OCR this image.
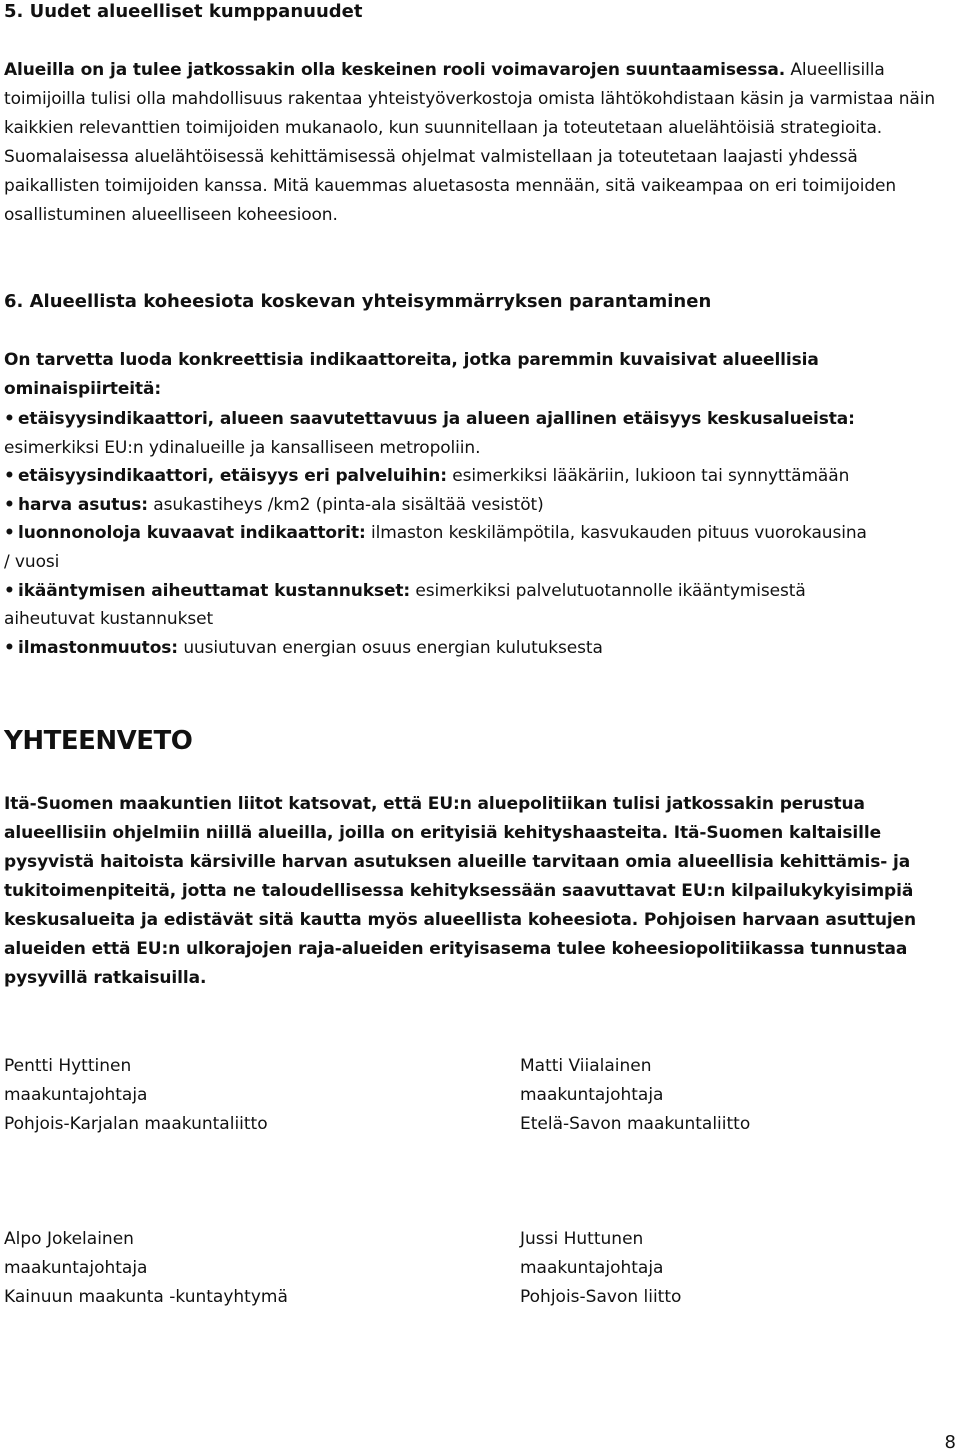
5. Uudet alueelliset kumppanuudet
Alueilla on ja tulee jatkossakin olla keskeinen rooli voimavarojen suuntaamisessa. Alueellisilla toimijoilla tulisi olla mahdollisuus rakentaa yhteistyöverkostoja omista lähtökohdistaan käsin ja varmistaa näin kaikkien relevanttien toimijoiden mukanaolo, kun suunnitellaan ja toteutetaan aluelähtöisiä strategioita. Suomalaisessa aluelähtöisessä kehittämisessä ohjelmat valmistellaan ja toteutetaan laajasti yhdessä paikallisten toimijoiden kanssa. Mitä kauemmas aluetasosta mennään, sitä vaikeampaa on eri toimijoiden osallistuminen alueelliseen koheesioon.
6. Alueellista koheesiota koskevan yhteisymmärryksen parantaminen
On tarvetta luoda konkreettisia indikaattoreita, jotka paremmin kuvaisivat alueellisia ominaispiirteitä:
• etäisyysindikaattori, alueen saavutettavuus ja alueen ajallinen etäisyys keskusalueista:
esimerkiksi EU:n ydinalueille ja kansalliseen metropoliin.
• etäisyysindikaattori, etäisyys eri palveluihin: esimerkiksi lääkäriin, lukioon tai synnyttämään
• harva asutus: asukastiheys /km2 (pinta-ala sisältää vesistöt)
• luonnonoloja kuvaavat indikaattorit: ilmaston keskilämpötila, kasvukauden pituus vuorokausina
/ vuosi
• ikääntymisen aiheuttamat kustannukset: esimerkiksi palvelutuotannolle ikääntymisestä
aiheutuvat kustannukset
• ilmastonmuutos: uusiutuvan energian osuus energian kulutuksesta
YHTEENVETO
Itä-Suomen maakuntien liitot katsovat, että EU:n aluepolitiikan tulisi jatkossakin perustua alueellisiin ohjelmiin niillä alueilla, joilla on erityisiä kehityshaasteita. Itä-Suomen kaltaisille pysyvistä haitoista kärsiville harvan asutuksen alueille tarvitaan omia alueellisia kehittämis- ja tukitoimenpiteitä, jotta ne taloudellisessa kehityksessään saavuttavat EU:n kilpailukykyisimpiä keskusalueita ja edistävät sitä kautta myös alueellista koheesiota. Pohjoisen harvaan asuttujen alueiden että EU:n ulkorajojen raja-alueiden erityisasema tulee koheesiopolitiikassa tunnustaa pysyvillä ratkaisuilla.
Pentti Hyttinen
maakuntajohtaja
Pohjois-Karjalan maakuntaliitto
Matti Viialainen
maakuntajohtaja
Etelä-Savon maakuntaliitto
Alpo Jokelainen
maakuntajohtaja
Kainuun maakunta -kuntayhtymä
Jussi Huttunen
maakuntajohtaja
Pohjois-Savon liitto
8
